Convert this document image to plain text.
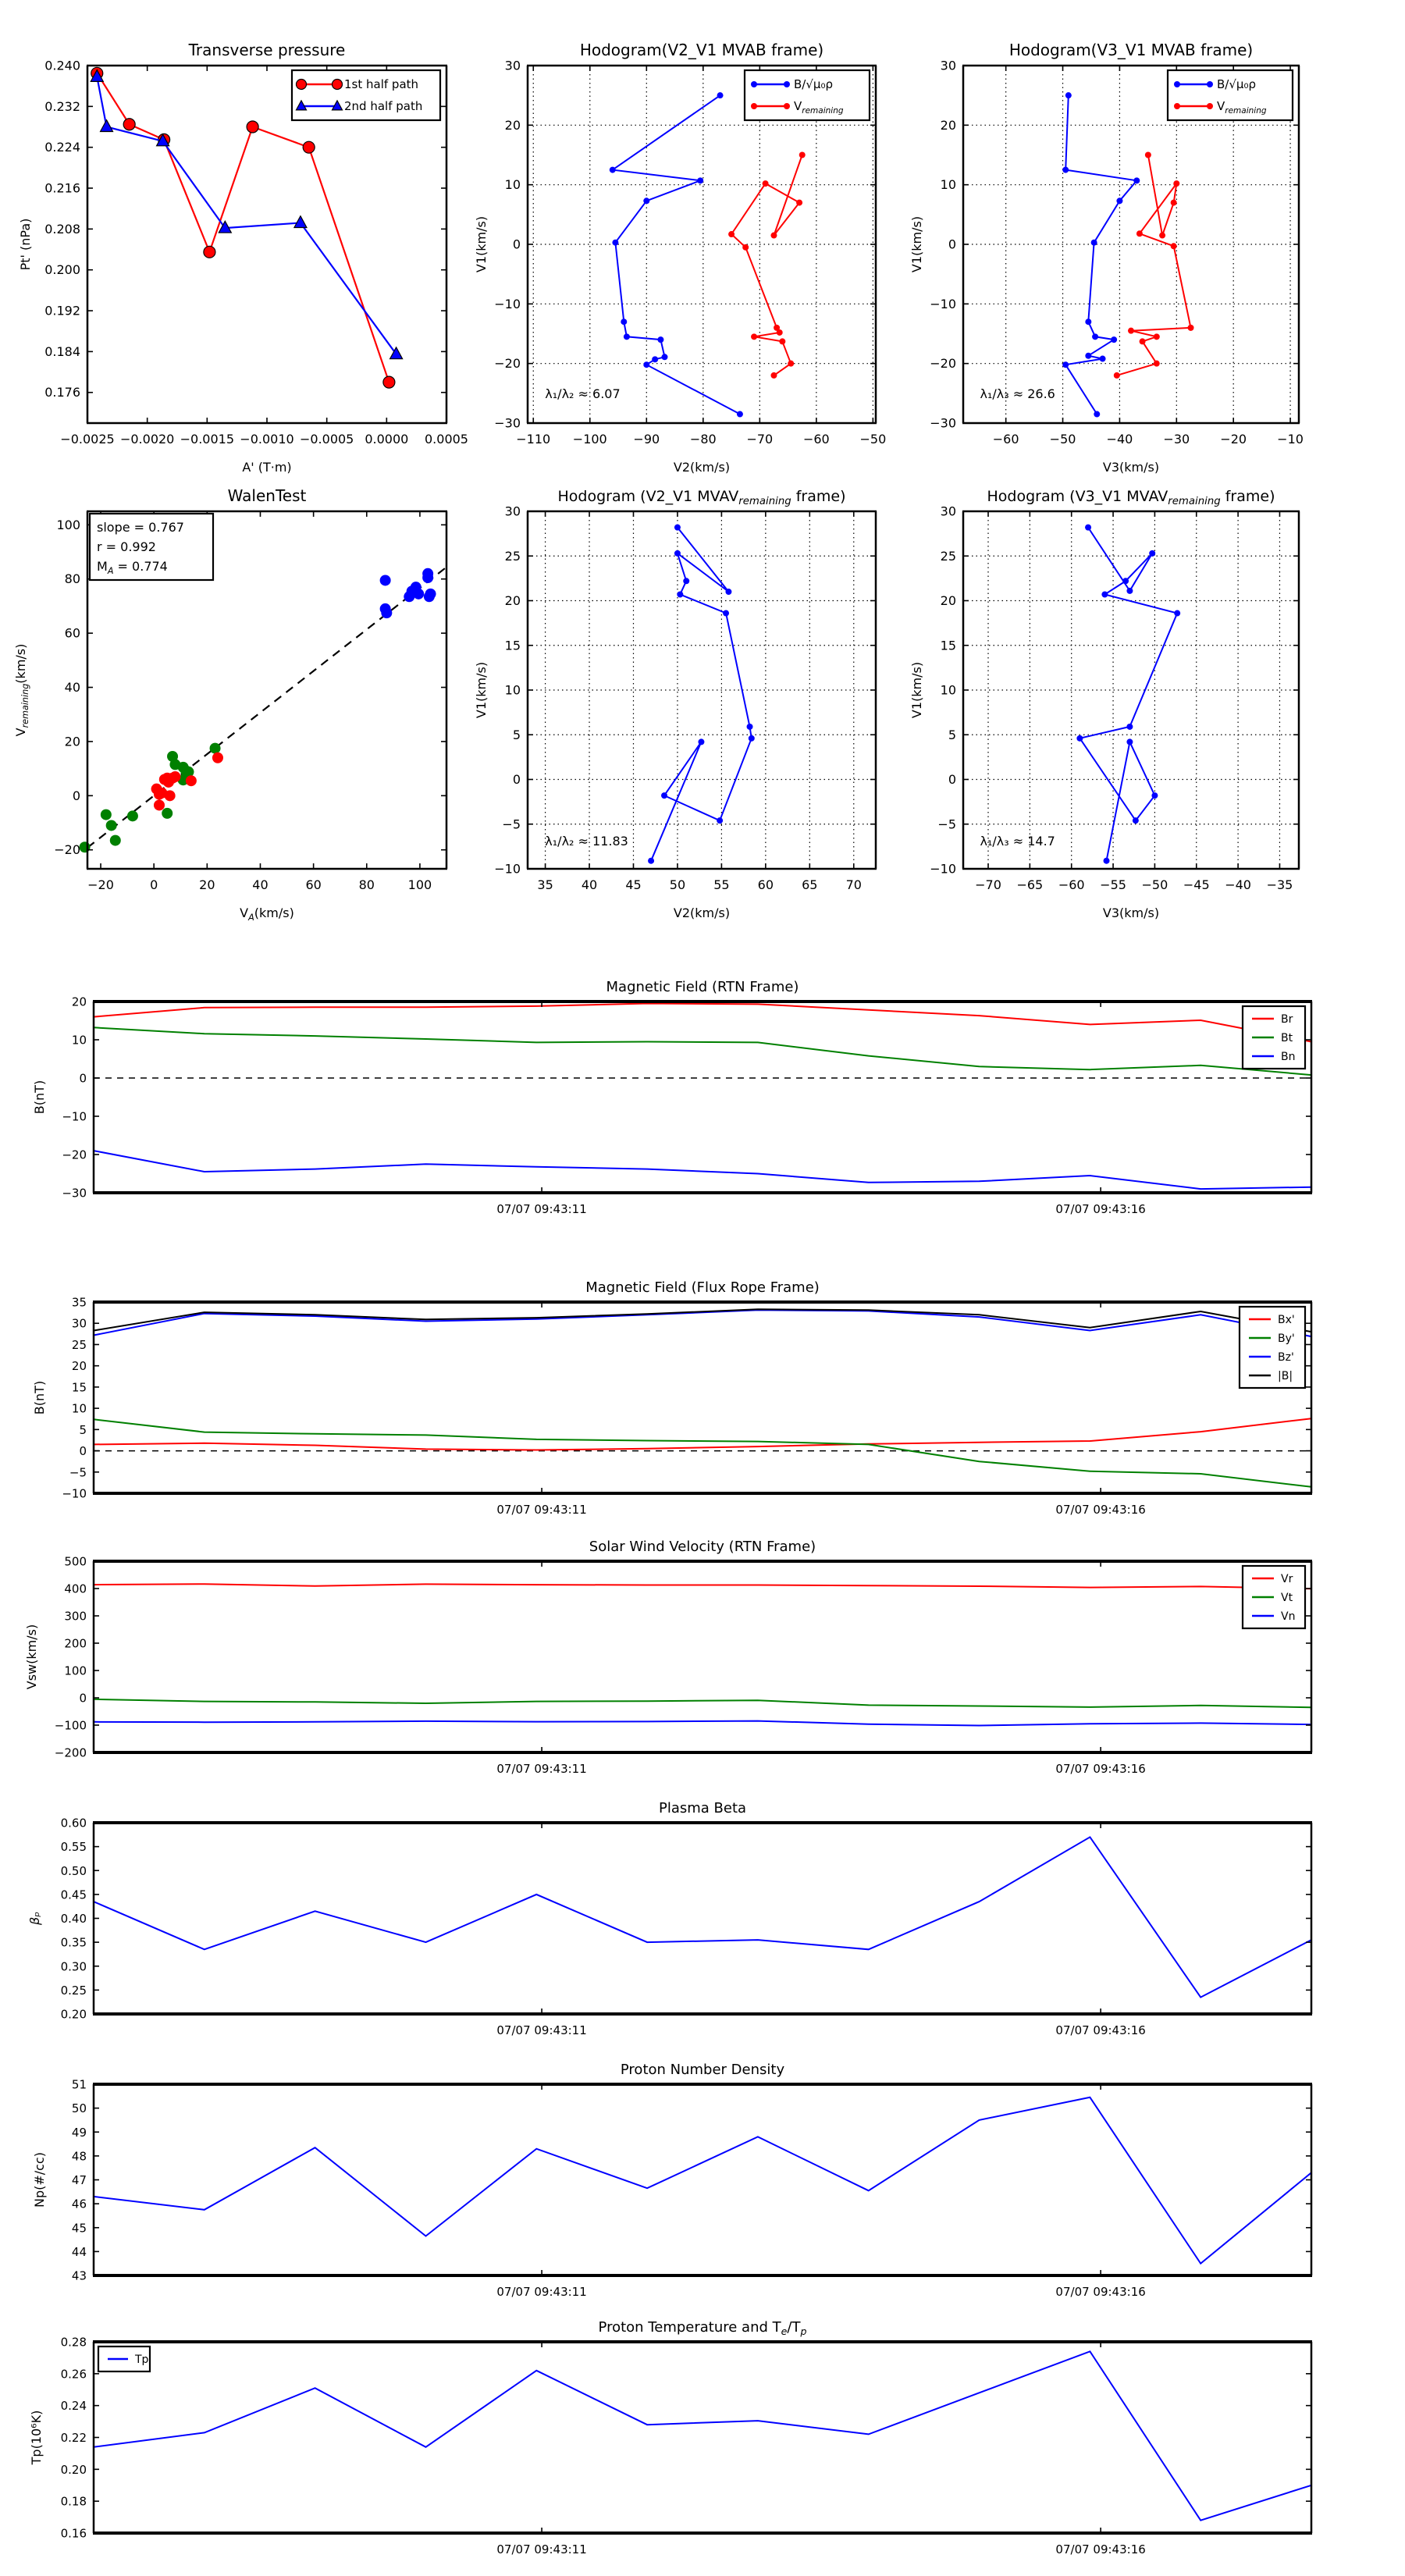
−0.0025 −0.0020 −0.0015 −0.0010 −0.0005 0.0000 0.0005
0.176
0.184
0.192
0.200
0.208
0.216
0.224
0.232
0.240
Transverse pressure
A' (T·m)
Pt' (nPa)
1st half path
2nd half path
−110 −100 −90 −80 −70 −60 −50
−30
−20
−10
0
10
20
30
Hodogram(V2_V1 MVAB frame)
V2(km/s)
V1(km/s)
λ₁/λ₂ ≈ 6.07
B/√μ₀ρ
$V_{remaining}$
−60 −50 −40 −30 −20 −10
−30
−20
−10
0
10
20
30
Hodogram(V3_V1 MVAB frame)
V3(km/s)
V1(km/s)
λ₁/λ₃ ≈ 26.6
B/√μ₀ρ
$V_{remaining}$
−20	0	20	40	60	80	100
−20
0
20
40
60
80
100
WalenTest
$V_A(km/s)$
$V_{remaining}(km/s)$
slope = 0.767
r = 0.992
$M_A = 0.774$
35 40 45 50 55 60 65 70
−10
−5
0
5
10
15
20
25
30
Hodogram (V2_V1 $MVAV_{remaining}$ frame)
V2(km/s)
V1(km/s)
λ₁/λ₂ ≈ 11.83
−70 −65 −60 −55 −50 −45 −40 −35
−10
−5
0
5
10
15
20
25
30
Hodogram (V3_V1 $MVAV_{remaining}$ frame)
V3(km/s)
V1(km/s)
λ₁/λ₃ ≈ 14.7
07/07 09:43:11	07/07 09:43:16
−30
−20
−10
0
10
20
Magnetic Field (RTN Frame)
B(nT)
Br
Bt
Bn
07/07 09:43:11	07/07 09:43:16
−10
−5
0
5
10
15
20
25
30
35
Magnetic Field (Flux Rope Frame)
B(nT)
Bx'
By'
Bz'
|B|
07/07 09:43:11	07/07 09:43:16
−200
−100
0
100
200
300
400
500
Solar Wind Velocity (RTN Frame)
Vsw(km/s)
Vr
Vt
Vn
07/07 09:43:11	07/07 09:43:16
0.20
0.25
0.30
0.35
0.40
0.45
0.50
0.55
0.60
Plasma Beta
βₚ
07/07 09:43:11	07/07 09:43:16
43
44
45
46
47
48
49
50
51
Proton Number Density
Np(#/cc)
07/07 09:43:11	07/07 09:43:16
0.16
0.18
0.20
0.22
0.24
0.26
0.28
Proton Temperature and $T_e/T_p$
Tp(10⁶K)
Tp
